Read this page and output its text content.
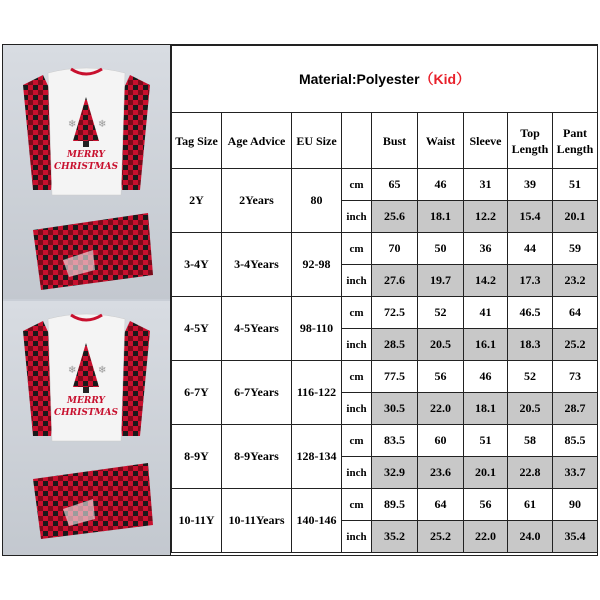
❄ ❄
MERRY
CHRISTMAS
❄ ❄
MERRY
CHRISTMAS
Material:Polyester（Kid）								
Tag Size	Age Advice	EU Size		Bust	Waist	Sleeve	Top Length	Pant Length
2Y	2Years	80	cm	65	46	31	39	51
			inch	25.6	18.1	12.2	15.4	20.1
3-4Y	3-4Years	92-98	cm	70	50	36	44	59
			inch	27.6	19.7	14.2	17.3	23.2
4-5Y	4-5Years	98-110	cm	72.5	52	41	46.5	64
			inch	28.5	20.5	16.1	18.3	25.2
6-7Y	6-7Years	116-122	cm	77.5	56	46	52	73
			inch	30.5	22.0	18.1	20.5	28.7
8-9Y	8-9Years	128-134	cm	83.5	60	51	58	85.5
			inch	32.9	23.6	20.1	22.8	33.7
10-11Y	10-11Years	140-146	cm	89.5	64	56	61	90
			inch	35.2	25.2	22.0	24.0	35.4
